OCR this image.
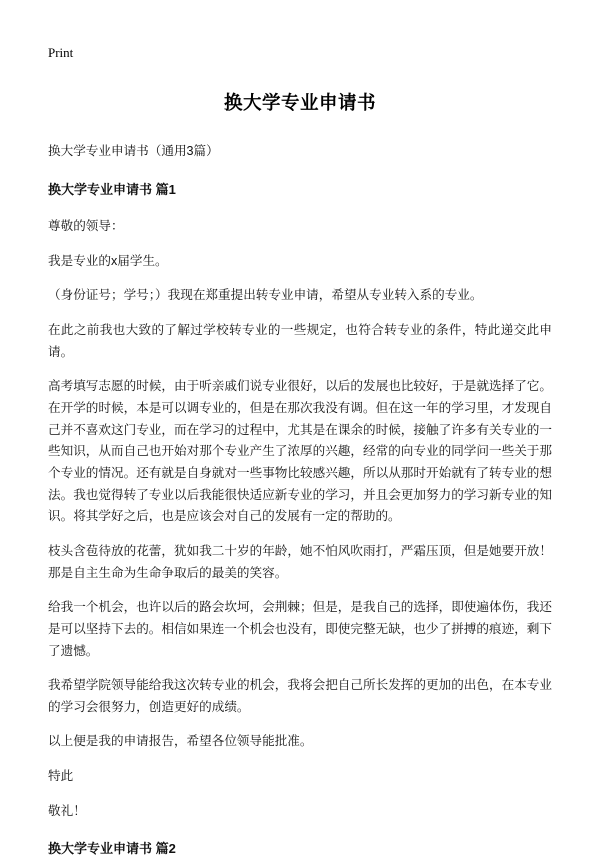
Print
换大学专业申请书

换大学专业申请书（通用3篇）

换大学专业申请书 篇1

尊敬的领导：

我是专业的x届学生。

（身份证号；学号；）我现在郑重提出转专业申请，希望从专业转入系的专业。

在此之前我也大致的了解过学校转专业的一些规定，也符合转专业的条件，特此递交此申请。

高考填写志愿的时候，由于听亲戚们说专业很好，以后的发展也比较好，于是就选择了它。在开学的时候，本是可以调专业的，但是在那次我没有调。但在这一年的学习里，才发现自己并不喜欢这门专业，而在学习的过程中，尤其是在课余的时候，接触了许多有关专业的一些知识，从而自己也开始对那个专业产生了浓厚的兴趣，经常的向专业的同学问一些关于那个专业的情况。还有就是自身就对一些事物比较感兴趣，所以从那时开始就有了转专业的想法。我也觉得转了专业以后我能很快适应新专业的学习，并且会更加努力的学习新专业的知识。将其学好之后，也是应该会对自己的发展有一定的帮助的。

枝头含苞待放的花蕾，犹如我二十岁的年龄，她不怕风吹雨打，严霜压顶，但是她要开放！那是自主生命为生命争取后的最美的笑容。

给我一个机会，也许以后的路会坎坷，会荆棘；但是，是我自己的选择，即使遍体伤，我还是可以坚持下去的。相信如果连一个机会也没有，即使完整无缺，也少了拼搏的痕迹，剩下了遗憾。

我希望学院领导能给我这次转专业的机会，我将会把自己所长发挥的更加的出色，在本专业的学习会很努力，创造更好的成绩。

以上便是我的申请报告，希望各位领导能批准。

特此

敬礼！

换大学专业申请书 篇2
